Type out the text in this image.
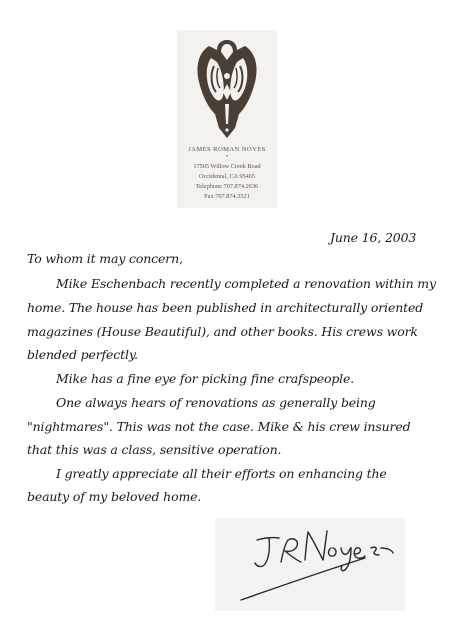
JAMES ROMAN NOYES
•
17505 Willow Creek Road
Occidental, CA 95465
Telephone 707.874.2636
Fax 707.874.3521
June 16, 2003
To whom it may concern,
Mike Eschenbach recently completed a renovation within my
home. The house has been published in architecturally oriented
magazines (House Beautiful), and other books. His crews work
blended perfectly.
Mike has a fine eye for picking fine crafspeople.
One always hears of renovations as generally being
"nightmares". This was not the case. Mike & his crew insured
that this was a class, sensitive operation.
I greatly appreciate all their efforts on enhancing the
beauty of my beloved home.
